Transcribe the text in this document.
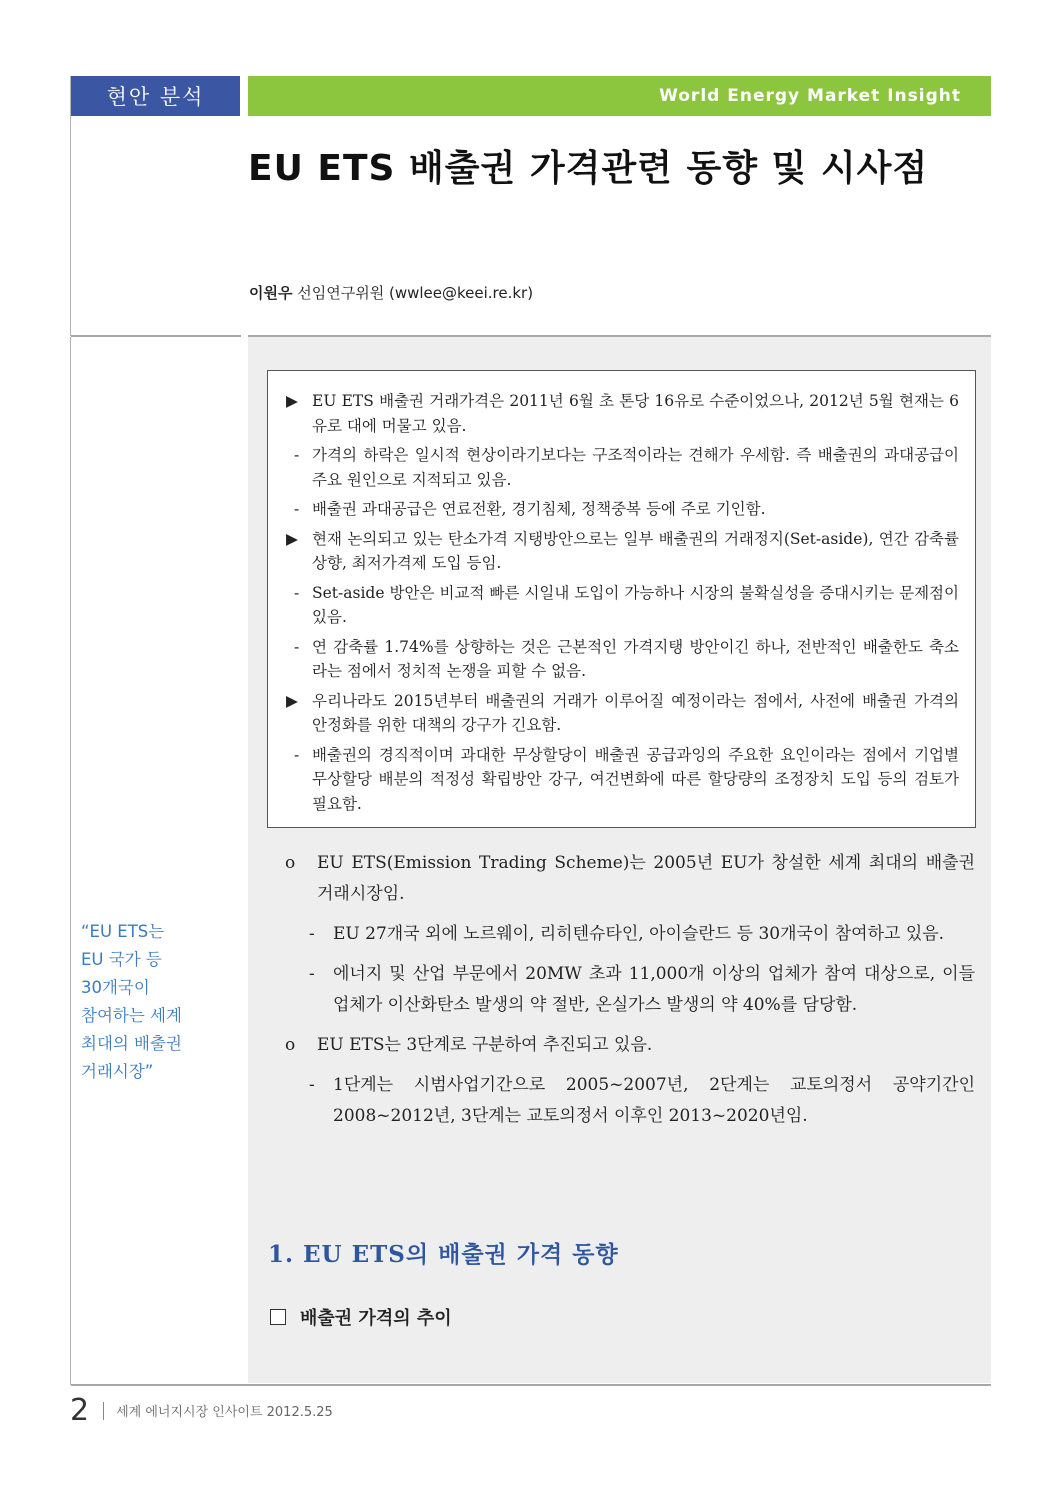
현안 분석	World Energy Market Insight
EU ETS 배출권 가격관련 동향 및 시사점
이원우 선임연구위원 (wwlee@keei.re.kr)
▶ EU ETS 배출권 거래가격은 2011년 6월 초 톤당 16유로 수준이었으나, 2012년 5월 현재는 6유로 대에 머물고 있음.
- 가격의 하락은 일시적 현상이라기보다는 구조적이라는 견해가 우세함. 즉 배출권의 과대공급이 주요 원인으로 지적되고 있음.
- 배출권 과대공급은 연료전환, 경기침체, 정책중복 등에 주로 기인함.
▶ 현재 논의되고 있는 탄소가격 지탱방안으로는 일부 배출권의 거래정지(Set-aside), 연간 감축률 상향, 최저가격제 도입 등임.
- Set-aside 방안은 비교적 빠른 시일내 도입이 가능하나 시장의 불확실성을 증대시키는 문제점이 있음.
- 연 감축률 1.74%를 상향하는 것은 근본적인 가격지탱 방안이긴 하나, 전반적인 배출한도 축소라는 점에서 정치적 논쟁을 피할 수 없음.
▶ 우리나라도 2015년부터 배출권의 거래가 이루어질 예정이라는 점에서, 사전에 배출권 가격의 안정화를 위한 대책의 강구가 긴요함.
- 배출권의 경직적이며 과대한 무상할당이 배출권 공급과잉의 주요한 요인이라는 점에서 기업별 무상할당 배분의 적정성 확립방안 강구, 여건변화에 따른 할당량의 조정장치 도입 등의 검토가 필요함.
“EU ETS는
EU 국가 등
30개국이
참여하는 세계
최대의 배출권
거래시장”
o	EU ETS(Emission Trading Scheme)는 2005년 EU가 창설한 세계 최대의 배출권 거래시장임.
-	EU 27개국 외에 노르웨이, 리히텐슈타인, 아이슬란드 등 30개국이 참여하고 있음.
-	에너지 및 산업 부문에서 20MW 초과 11,000개 이상의 업체가 참여 대상으로, 이들 업체가 이산화탄소 발생의 약 절반, 온실가스 발생의 약 40%를 담당함.
o	EU ETS는 3단계로 구분하여 추진되고 있음.
-	1단계는 시범사업기간으로 2005~2007년, 2단계는 교토의정서 공약기간인 2008~2012년, 3단계는 교토의정서 이후인 2013~2020년임.
1. EU ETS의 배출권 가격 동향
배출권 가격의 추이
2 세계 에너지시장 인사이트 2012.5.25
